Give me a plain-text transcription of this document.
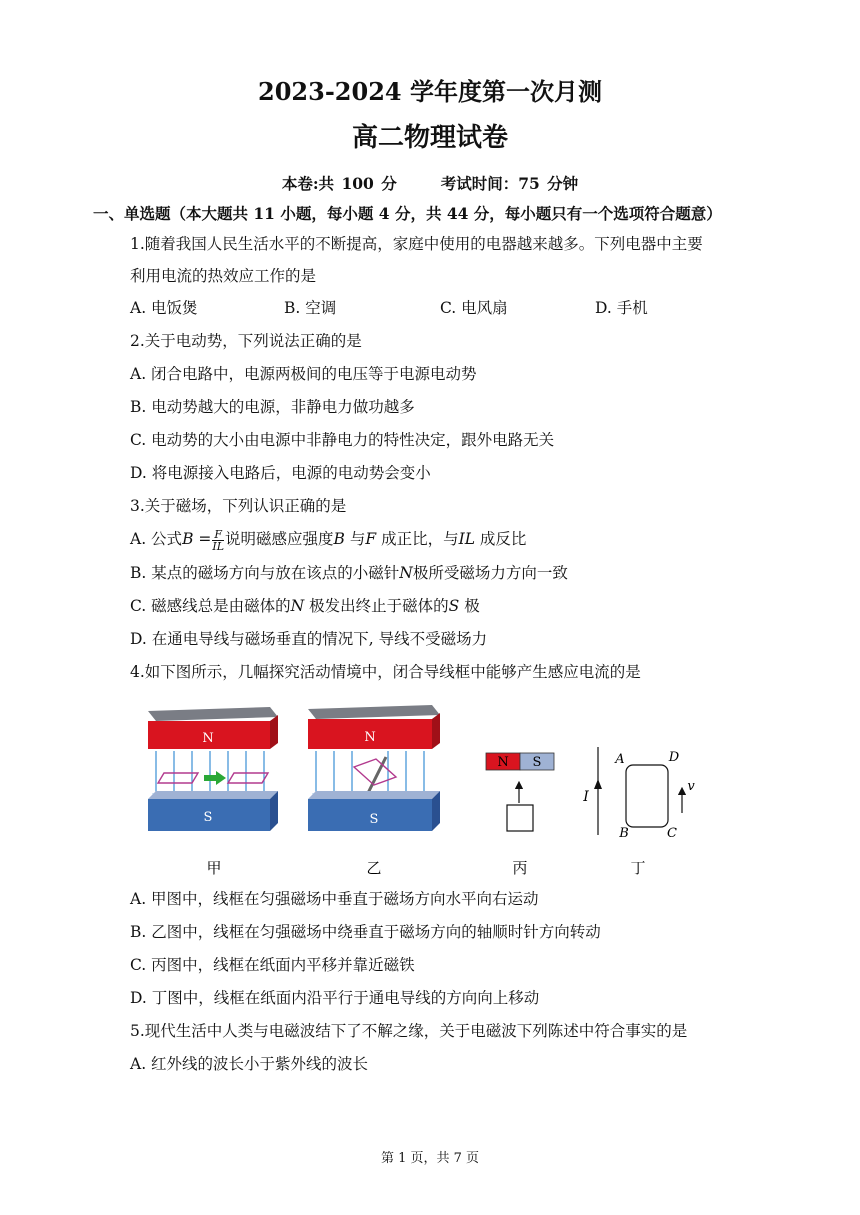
2023-2024 学年度第一次月测
高二物理试卷
本卷:共 100 分	考试时间：75 分钟
一、单选题（本大题共 11 小题，每小题 4 分，共 44 分，每小题只有一个选项符合题意）
1.随着我国人民生活水平的不断提高，家庭中使用的电器越来越多。下列电器中主要
利用电流的热效应工作的是
A. 电饭煲	B. 空调	C. 电风扇	D. 手机
2.关于电动势，下列说法正确的是
A. 闭合电路中，电源两极间的电压等于电源电动势
B. 电动势越大的电源，非静电力做功越多
C. 电动势的大小由电源中非静电力的特性决定，跟外电路无关
D. 将电源接入电路后，电源的电动势会变小
3.关于磁场，下列认识正确的是
A. 公式$B = \frac{F}{IL}$ 说明磁感应强度B 与F 成正比，与IL 成反比
B. 某点的磁场方向与放在该点的小磁针N极所受磁场力方向一致
C. 磁感线总是由磁体的N 极发出终止于磁体的S 极
D. 在通电导线与磁场垂直的情况下, 导线不受磁场力
4.如下图所示，几幅探究活动情境中，闭合导线框中能够产生感应电流的是
N
S
甲
N
S
乙
N S
丙
I
A	D
B	C
v
丁
A. 甲图中，线框在匀强磁场中垂直于磁场方向水平向右运动
B. 乙图中，线框在匀强磁场中绕垂直于磁场方向的轴顺时针方向转动
C. 丙图中，线框在纸面内平移并靠近磁铁
D. 丁图中，线框在纸面内沿平行于通电导线的方向向上移动
5.现代生活中人类与电磁波结下了不解之缘，关于电磁波下列陈述中符合事实的是
A. 红外线的波长小于紫外线的波长
第 1 页，共 7 页
